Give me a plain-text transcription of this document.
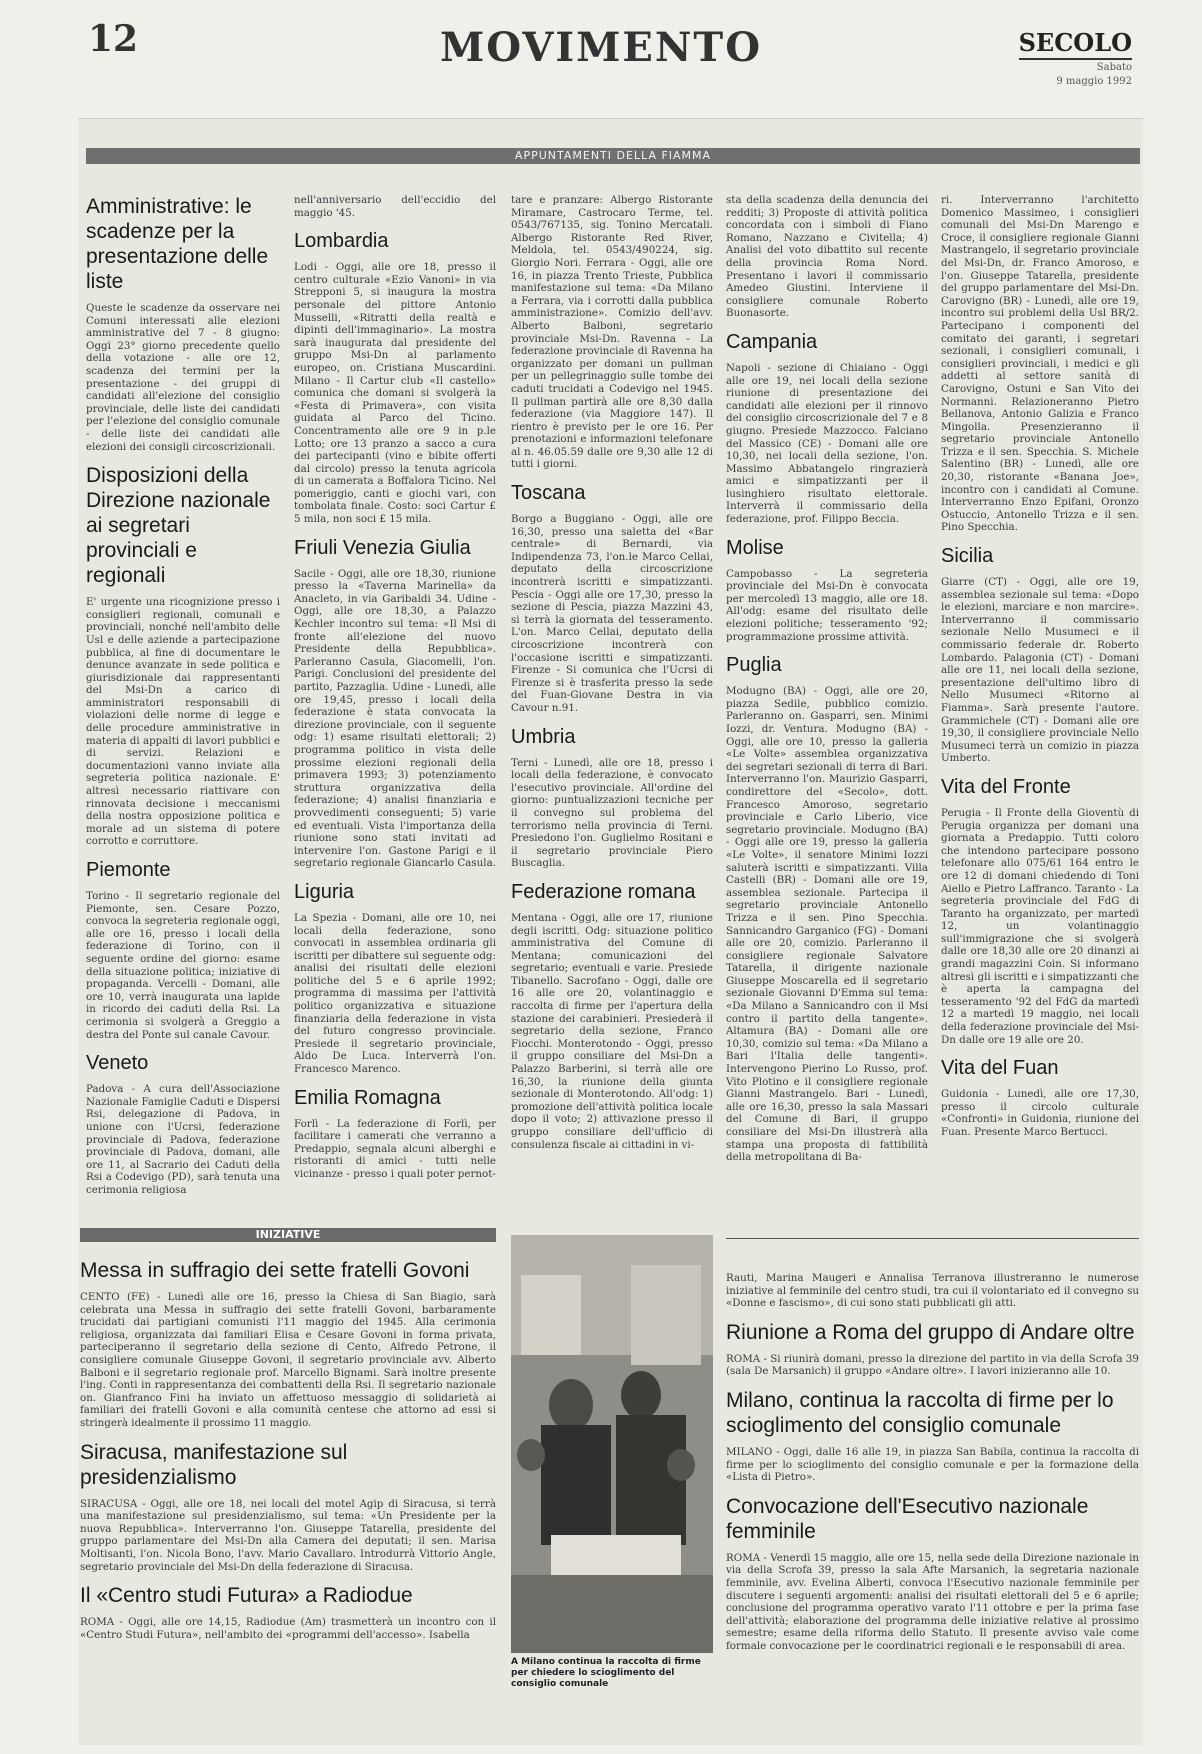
12	MOVIMENTO	SECOLO
Sabato
9 maggio 1992
APPUNTAMENTI DELLA FIAMMA
Amministrative: le scadenze per la presentazione delle liste

Queste le scadenze da osservare nei Comuni interessati alle elezioni amministrative del 7 - 8 giugno: Oggi 23° giorno precedente quello della votazione - alle ore 12, scadenza dei termini per la presentazione - dei gruppi di candidati all'elezione del consiglio provinciale, delle liste dei candidati per l'elezione del consiglio comunale - delle liste dei candidati alle elezioni dei consigli circoscrizionali.

Disposizioni della Direzione nazionale ai segretari provinciali e regionali

E' urgente una ricognizione presso i consiglieri regionali, comunali e provinciali, nonché nell'ambito delle Usl e delle aziende a partecipazione pubblica, al fine di documentare le denunce avanzate in sede politica e giurisdizionale dai rappresentanti del Msi-Dn a carico di amministratori responsabili di violazioni delle norme di legge e delle procedure amministrative in materia di appalti di lavori pubblici e di servizi. Relazioni e documentazioni vanno inviate alla segreteria politica nazionale. E' altresì necessario riattivare con rinnovata decisione i meccanismi della nostra opposizione politica e morale ad un sistema di potere corrotto e corruttore.

Piemonte

Torino - Il segretario regionale del Piemonte, sen. Cesare Pozzo, convoca la segreteria regionale oggi, alle ore 16, presso i locali della federazione di Torino, con il seguente ordine del giorno: esame della situazione politica; iniziative di propaganda. Vercelli - Domani, alle ore 10, verrà inaugurata una lapide in ricordo dei caduti della Rsi. La cerimonia si svolgerà a Greggio a destra del Ponte sul canale Cavour.

Veneto

Padova - A cura dell'Associazione Nazionale Famiglie Caduti e Dispersi Rsi, delegazione di Padova, in unione con l'Ucrsi, federazione provinciale di Padova, federazione provinciale di Padova, domani, alle ore 11, al Sacrario dei Caduti della Rsi a Codevigo (PD), sarà tenuta una cerimonia religiosa

nell'anniversario dell'eccidio del maggio '45.

Lombardia

Lodi - Oggi, alle ore 18, presso il centro culturale «Ezio Vanoni» in via Strepponi 5, si inaugura la mostra personale del pittore Antonio Musselli, «Ritratti della realtà e dipinti dell'immaginario». La mostra sarà inaugurata dal presidente del gruppo Msi-Dn al parlamento europeo, on. Cristiana Muscardini. Milano - Il Cartur club «Il castello» comunica che domani si svolgerà la «Festa di Primavera», con visita guidata al Parco del Ticino. Concentramento alle ore 9 in p.le Lotto; ore 13 pranzo a sacco a cura dei partecipanti (vino e bibite offerti dal circolo) presso la tenuta agricola di un camerata a Boffalora Ticino. Nel pomeriggio, canti e giochi vari, con tombolata finale. Costo: soci Cartur £ 5 mila, non soci £ 15 mila.

Friuli Venezia Giulia

Sacile - Oggi, alle ore 18,30, riunione presso la «Taverna Marinella» da Anacleto, in via Garibaldi 34. Udine - Oggi, alle ore 18,30, a Palazzo Kechler incontro sul tema: «Il Msi di fronte all'elezione del nuovo Presidente della Repubblica». Parleranno Casula, Giacomelli, l'on. Parigi. Conclusioni del presidente del partito, Pazzaglia. Udine - Lunedì, alle ore 19,45, presso i locali della federazione è stata convocata la direzione provinciale, con il seguente odg: 1) esame risultati elettorali; 2) programma politico in vista delle prossime elezioni regionali della primavera 1993; 3) potenziamento struttura organizzativa della federazione; 4) analisi finanziaria e provvedimenti conseguenti; 5) varie ed eventuali. Vista l'importanza della riunione sono stati invitati ad intervenire l'on. Gastone Parigi e il segretario regionale Giancarlo Casula.

Liguria

La Spezia - Domani, alle ore 10, nei locali della federazione, sono convocati in assemblea ordinaria gli iscritti per dibattere sul seguente odg: analisi dei risultati delle elezioni politiche del 5 e 6 aprile 1992; programma di massima per l'attività politico organizzativa e situazione finanziaria della federazione in vista del futuro congresso provinciale. Presiede il segretario provinciale, Aldo De Luca. Interverrà l'on. Francesco Marenco.

Emilia Romagna

Forlì - La federazione di Forlì, per facilitare i camerati che verranno a Predappio, segnala alcuni alberghi e ristoranti di amici - tutti nelle vicinanze - presso i quali poter pernot-

tare e pranzare: Albergo Ristorante Miramare, Castrocaro Terme, tel. 0543/767135, sig. Tonino Mercatali. Albergo Ristorante Red River, Meldola, tel. 0543/490224, sig. Giorgio Nori. Ferrara - Oggi, alle ore 16, in piazza Trento Trieste, Pubblica manifestazione sul tema: «Da Milano a Ferrara, via i corrotti dalla pubblica amministrazione». Comizio dell'avv. Alberto Balboni, segretario provinciale Msi-Dn. Ravenna - La federazione provinciale di Ravenna ha organizzato per domani un pullman per un pellegrinaggio sulle tombe dei caduti trucidati a Codevigo nel 1945. Il pullman partirà alle ore 8,30 dalla federazione (via Maggiore 147). Il rientro è previsto per le ore 16. Per prenotazioni e informazioni telefonare al n. 46.05.59 dalle ore 9,30 alle 12 di tutti i giorni.

Toscana

Borgo a Buggiano - Oggi, alle ore 16,30, presso una saletta del «Bar centrale» di Bernardi, via Indipendenza 73, l'on.le Marco Cellai, deputato della circoscrizione incontrerà iscritti e simpatizzanti. Pescia - Oggi alle ore 17,30, presso la sezione di Pescia, piazza Mazzini 43, si terrà la giornata del tesseramento. L'on. Marco Cellai, deputato della circoscrizione incontrerà con l'occasione iscritti e simpatizzanti. Firenze - Si comunica che l'Ucrsi di Firenze si è trasferita presso la sede del Fuan-Giovane Destra in via Cavour n.91.

Umbria

Terni - Lunedì, alle ore 18, presso i locali della federazione, è convocato l'esecutivo provinciale. All'ordine del giorno: puntualizzazioni tecniche per il convegno sul problema del terrorismo nella provincia di Terni. Presiedono l'on. Guglielmo Rositani e il segretario provinciale Piero Buscaglia.

Federazione romana

Mentana - Oggi, alle ore 17, riunione degli iscritti. Odg: situazione politico amministrativa del Comune di Mentana; comunicazioni del segretario; eventuali e varie. Presiede Tibanello. Sacrofano - Oggi, dalle ore 16 alle ore 20, volantinaggio e raccolta di firme per l'apertura della stazione dei carabinieri. Presiederà il segretario della sezione, Franco Fiocchi. Monterotondo - Oggi, presso il gruppo consiliare del Msi-Dn a Palazzo Barberini, si terrà alle ore 16,30, la riunione della giunta sezionale di Monterotondo. All'odg: 1) promozione dell'attività politica locale dopo il voto; 2) attivazione presso il gruppo consiliare dell'ufficio di consulenza fiscale ai cittadini in vi-

sta della scadenza della denuncia dei redditi; 3) Proposte di attività politica concordata con i simboli di Fiano Romano, Nazzano e Civitella; 4) Analisi del voto dibattito sul recente della provincia Roma Nord. Presentano i lavori il commissario Amedeo Giustini. Interviene il consigliere comunale Roberto Buonasorte.

Campania

Napoli - sezione di Chiaiano - Oggi alle ore 19, nei locali della sezione riunione di presentazione dei candidati alle elezioni per il rinnovo del consiglio circoscrizionale del 7 e 8 giugno. Presiede Mazzocco. Falciano del Massico (CE) - Domani alle ore 10,30, nei locali della sezione, l'on. Massimo Abbatangelo ringrazierà amici e simpatizzanti per il lusinghiero risultato elettorale. Interverrà il commissario della federazione, prof. Filippo Beccia.

Molise

Campobasso - La segreteria provinciale del Msi-Dn è convocata per mercoledì 13 maggio, alle ore 18. All'odg: esame del risultato delle elezioni politiche; tesseramento '92; programmazione prossime attività.

Puglia

Modugno (BA) - Oggi, alle ore 20, piazza Sedile, pubblico comizio. Parleranno on. Gasparri, sen. Minimi Iozzi, dr. Ventura. Modugno (BA) - Oggi, alle ore 10, presso la galleria «Le Volte» assemblea organizzativa dei segretari sezionali di terra di Bari. Interverranno l'on. Maurizio Gasparri, condirettore del «Secolo», dott. Francesco Amoroso, segretario provinciale e Carlo Liberio, vice segretario provinciale. Modugno (BA) - Oggi alle ore 19, presso la galleria «Le Volte», il senatore Minimi Iozzi saluterà iscritti e simpatizzanti. Villa Castelli (BR) - Domani alle ore 19, assemblea sezionale. Partecipa il segretario provinciale Antonello Trizza e il sen. Pino Specchia. Sannicandro Garganico (FG) - Domani alle ore 20, comizio. Parleranno il consigliere regionale Salvatore Tatarella, il dirigente nazionale Giuseppe Moscarella ed il segretario sezionale Giovanni D'Emma sul tema: «Da Milano a Sannicandro con il Msi contro il partito della tangente». Altamura (BA) - Domani alle ore 10,30, comizio sul tema: «Da Milano a Bari l'Italia delle tangenti». Intervengono Pierino Lo Russo, prof. Vito Plotino e il consigliere regionale Gianni Mastrangelo. Bari - Lunedì, alle ore 16,30, presso la sala Massari del Comune di Bari, il gruppo consiliare del Msi-Dn illustrerà alla stampa una proposta di fattibilità della metropolitana di Ba-

ri. Interverranno l'architetto Domenico Massimeo, i consiglieri comunali del Msi-Dn Marengo e Croce, il consigliere regionale Gianni Mastrangelo, il segretario provinciale del Msi-Dn, dr. Franco Amoroso, e l'on. Giuseppe Tatarella, presidente del gruppo parlamentare del Msi-Dn. Carovigno (BR) - Lunedì, alle ore 19, incontro sui problemi della Usl BR/2. Partecipano i componenti del comitato dei garanti, i segretari sezionali, i consiglieri comunali, i consiglieri provinciali, i medici e gli addetti al settore sanità di Carovigno, Ostuni e San Vito dei Normanni. Relazioneranno Pietro Bellanova, Antonio Galizia e Franco Mingolla. Presenzieranno il segretario provinciale Antonello Trizza e il sen. Specchia. S. Michele Salentino (BR) - Lunedì, alle ore 20,30, ristorante «Banana Joe», incontro con i candidati al Comune. Interverranno Enzo Epifani, Oronzo Ostuccio, Antonello Trizza e il sen. Pino Specchia.

Sicilia

Giarre (CT) - Oggi, alle ore 19, assemblea sezionale sul tema: «Dopo le elezioni, marciare e non marcire». Interverranno il commissario sezionale Nello Musumeci e il commissario federale dr. Roberto Lombardo. Palagonia (CT) - Domani alle ore 11, nei locali della sezione, presentazione dell'ultimo libro di Nello Musumeci «Ritorno al Fiamma». Sarà presente l'autore. Grammichele (CT) - Domani alle ore 19,30, il consigliere provinciale Nello Musumeci terrà un comizio in piazza Umberto.

Vita del Fronte

Perugia - Il Fronte della Gioventù di Perugia organizza per domani una giornata a Predappio. Tutti coloro che intendono partecipare possono telefonare allo 075/61 164 entro le ore 12 di domani chiedendo di Toni Aiello e Pietro Laffranco. Taranto - La segreteria provinciale del FdG di Taranto ha organizzato, per martedì 12, un volantinaggio sull'immigrazione che si svolgerà dalle ore 18,30 alle ore 20 dinanzi ai grandi magazzini Coin. Si informano altresì gli iscritti e i simpatizzanti che è aperta la campagna del tesseramento '92 del FdG da martedì 12 a martedì 19 maggio, nei locali della federazione provinciale del Msi-Dn dalle ore 19 alle ore 20.

Vita del Fuan

Guidonia - Lunedì, alle ore 17,30, presso il circolo culturale «Confronti» in Guidonia, riunione del Fuan. Presente Marco Bertucci.

INIZIATIVE
Messa in suffragio dei sette fratelli Govoni

CENTO (FE) - Lunedì alle ore 16, presso la Chiesa di San Biagio, sarà celebrata una Messa in suffragio dei sette fratelli Govoni, barbaramente trucidati dai partigiani comunisti l'11 maggio del 1945. Alla cerimonia religiosa, organizzata dai familiari Elisa e Cesare Govoni in forma privata, parteciperanno il segretario della sezione di Cento, Alfredo Petrone, il consigliere comunale Giuseppe Govoni, il segretario provinciale avv. Alberto Balboni e il segretario regionale prof. Marcello Bignami. Sarà inoltre presente l'ing. Conti in rappresentanza dei combattenti della Rsi. Il segretario nazionale on. Gianfranco Fini ha inviato un affettuoso messaggio di solidarietà ai familiari dei fratelli Govoni e alla comunità centese che attorno ad essi si stringerà idealmente il prossimo 11 maggio.

Siracusa, manifestazione sul presidenzialismo

SIRACUSA - Oggi, alle ore 18, nei locali del motel Agip di Siracusa, si terrà una manifestazione sul presidenzialismo, sul tema: «Un Presidente per la nuova Repubblica». Interverranno l'on. Giuseppe Tatarella, presidente del gruppo parlamentare del Msi-Dn alla Camera dei deputati; il sen. Marisa Moltisanti, l'on. Nicola Bono, l'avv. Mario Cavallaro. Introdurrà Vittorio Angle, segretario provinciale del Msi-Dn della federazione di Siracusa.

Il «Centro studi Futura» a Radiodue

ROMA - Oggi, alle ore 14,15, Radiodue (Am) trasmetterà un incontro con il «Centro Studi Futura», nell'ambito dei «programmi dell'accesso». Isabella

A Milano continua la raccolta di firme per chiedere lo scioglimento del consiglio comunale

Rauti, Marina Maugeri e Annalisa Terranova illustreranno le numerose iniziative al femminile del centro studi, tra cui il volontariato ed il convegno su «Donne e fascismo», di cui sono stati pubblicati gli atti.

Riunione a Roma del gruppo di Andare oltre

ROMA - Si riunirà domani, presso la direzione del partito in via della Scrofa 39 (sala De Marsanich) il gruppo «Andare oltre». I lavori inizieranno alle 10.

Milano, continua la raccolta di firme per lo scioglimento del consiglio comunale

MILANO - Oggi, dalle 16 alle 19, in piazza San Babila, continua la raccolta di firme per lo scioglimento del consiglio comunale e per la formazione della «Lista di Pietro».

Convocazione dell'Esecutivo nazionale femminile

ROMA - Venerdì 15 maggio, alle ore 15, nella sede della Direzione nazionale in via della Scrofa 39, presso la sala Afte Marsanich, la segretaria nazionale femminile, avv. Evelina Alberti, convoca l'Esecutivo nazionale femminile per discutere i seguenti argomenti: analisi dei risultati elettorali del 5 e 6 aprile; conclusione del programma operativo varato l'11 ottobre e per la prima fase dell'attività; elaborazione del programma delle iniziative relative al prossimo semestre; esame della riforma dello Statuto. Il presente avviso vale come formale convocazione per le coordinatrici regionali e le responsabili di area.
